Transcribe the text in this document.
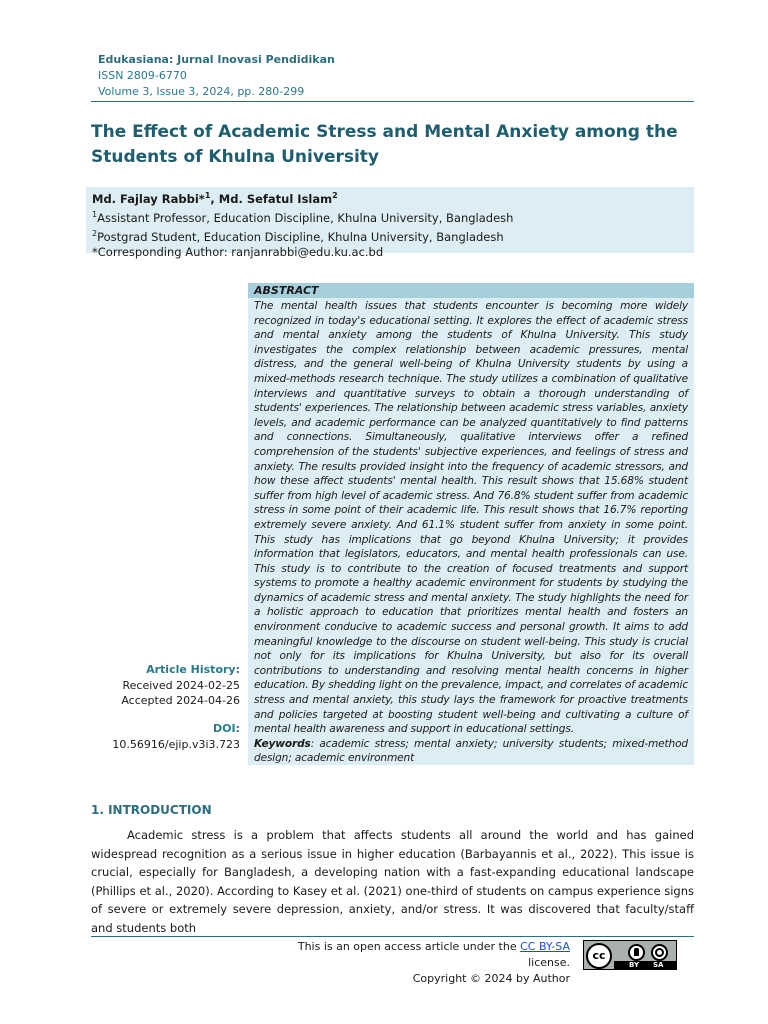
Edukasiana: Jurnal Inovasi Pendidikan
ISSN 2809-6770
Volume 3, Issue 3, 2024, pp. 280-299
The Effect of Academic Stress and Mental Anxiety among the Students of Khulna University
Md. Fajlay Rabbi*$^1$, Md. Sefatul Islam$^2$
$^1$Assistant Professor, Education Discipline, Khulna University, Bangladesh
$^2$Postgrad Student, Education Discipline, Khulna University, Bangladesh
*Corresponding Author: ranjanrabbi@edu.ku.ac.bd
ABSTRACT

The mental health issues that students encounter is becoming more widely recognized in today's educational setting. It explores the effect of academic stress and mental anxiety among the students of Khulna University. This study investigates the complex relationship between academic pressures, mental distress, and the general well-being of Khulna University students by using a mixed-methods research technique. The study utilizes a combination of qualitative interviews and quantitative surveys to obtain a thorough understanding of students' experiences. The relationship between academic stress variables, anxiety levels, and academic performance can be analyzed quantitatively to find patterns and connections. Simultaneously, qualitative interviews offer a refined comprehension of the students' subjective experiences, and feelings of stress and anxiety. The results provided insight into the frequency of academic stressors, and how these affect students' mental health. This result shows that 15.68% student suffer from high level of academic stress. And 76.8% student suffer from academic stress in some point of their academic life. This result shows that 16.7% reporting extremely severe anxiety. And 61.1% student suffer from anxiety in some point. This study has implications that go beyond Khulna University; it provides information that legislators, educators, and mental health professionals can use. This study is to contribute to the creation of focused treatments and support systems to promote a healthy academic environment for students by studying the dynamics of academic stress and mental anxiety. The study highlights the need for a holistic approach to education that prioritizes mental health and fosters an environment conducive to academic success and personal growth. It aims to add meaningful knowledge to the discourse on student well-being. This study is crucial not only for its implications for Khulna University, but also for its overall contributions to understanding and resolving mental health concerns in higher education. By shedding light on the prevalence, impact, and correlates of academic stress and mental anxiety, this study lays the framework for proactive treatments and policies targeted at boosting student well-being and cultivating a culture of mental health awareness and support in educational settings.

Keywords: academic stress; mental anxiety; university students; mixed-method design; academic environment
Article History:
Received 2024-02-25
Accepted 2024-04-26
DOI:
10.56916/ejip.v3i3.723
1. INTRODUCTION

Academic stress is a problem that affects students all around the world and has gained widespread recognition as a serious issue in higher education (Barbayannis et al., 2022). This issue is crucial, especially for Bangladesh, a developing nation with a fast-expanding educational landscape (Phillips et al., 2020). According to Kasey et al. (2021) one-third of students on campus experience signs of severe or extremely severe depression, anxiety, and/or stress. It was discovered that faculty/staff and students both

This is an open access article under the CC BY-SA license.
Copyright © 2024 by Author
cc
BY SA
